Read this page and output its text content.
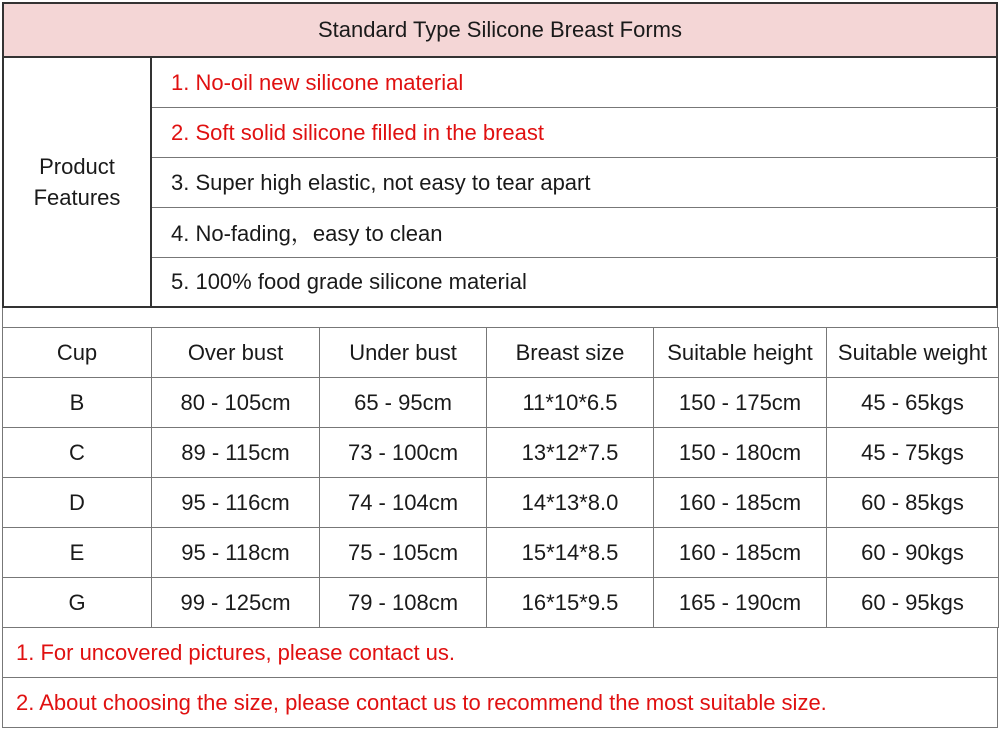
Standard Type Silicone Breast Forms
Product
Features
1. No-oil new silicone material
2. Soft solid silicone filled in the breast
3. Super high elastic, not easy to tear apart
4. No-fading，easy to clean
5. 100% food grade silicone material
Cup	Over bust	Under bust	Breast size	Suitable height	Suitable weight
B	80 - 105cm	65 - 95cm	11*10*6.5	150 - 175cm	45 - 65kgs
C	89 - 115cm	73 - 100cm	13*12*7.5	150 - 180cm	45 - 75kgs
D	95 - 116cm	74 - 104cm	14*13*8.0	160 - 185cm	60 - 85kgs
E	95 - 118cm	75 - 105cm	15*14*8.5	160 - 185cm	60 - 90kgs
G	99 - 125cm	79 - 108cm	16*15*9.5	165 - 190cm	60 - 95kgs
1. For uncovered pictures, please contact us.
2. About choosing the size, please contact us to recommend the most suitable size.
